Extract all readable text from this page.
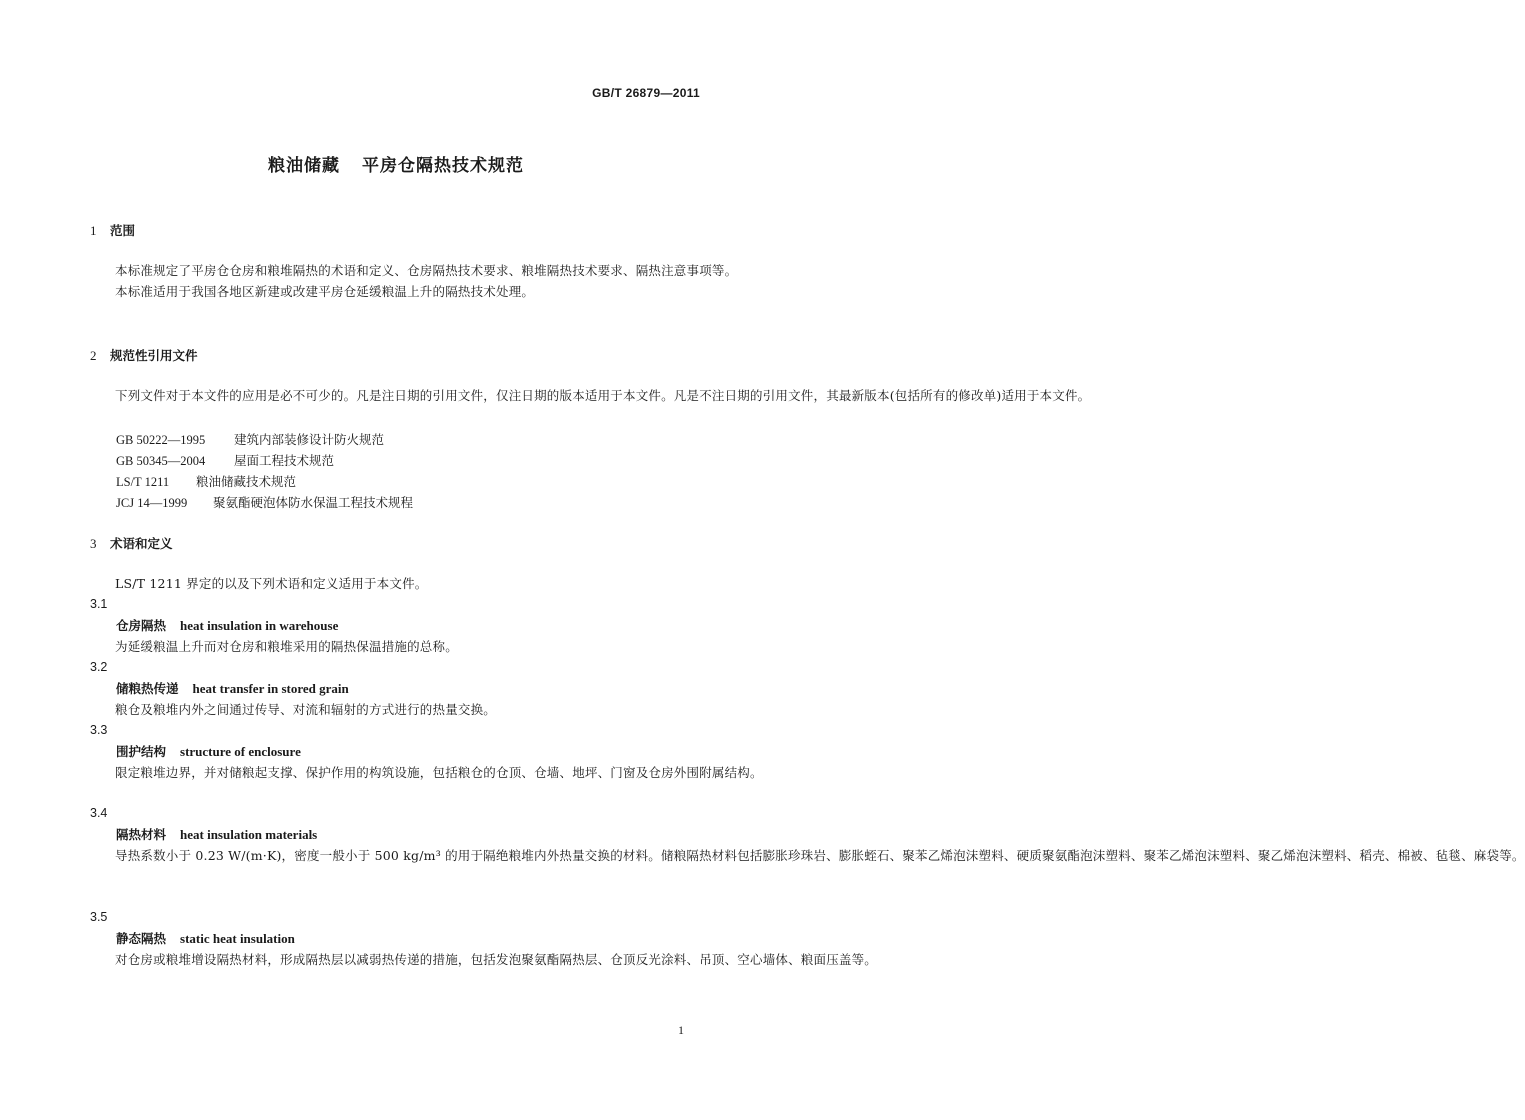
GB/T 26879—2011
粮油储藏 平房仓隔热技术规范
1 范围

本标准规定了平房仓仓房和粮堆隔热的术语和定义、仓房隔热技术要求、粮堆隔热技术要求、隔热注意事项等。

本标准适用于我国各地区新建或改建平房仓延缓粮温上升的隔热技术处理。

2 规范性引用文件

下列文件对于本文件的应用是必不可少的。凡是注日期的引用文件，仅注日期的版本适用于本文件。凡是不注日期的引用文件，其最新版本(包括所有的修改单)适用于本文件。

GB 50222—1995 建筑内部装修设计防火规范
GB 50345—2004 屋面工程技术规范
LS/T 1211 粮油储藏技术规范
JCJ 14—1999 聚氨酯硬泡体防水保温工程技术规程
3 术语和定义

LS/T 1211 界定的以及下列术语和定义适用于本文件。

3.1
仓房隔热 heat insulation in warehouse

为延缓粮温上升而对仓房和粮堆采用的隔热保温措施的总称。

3.2
储粮热传递 heat transfer in stored grain

粮仓及粮堆内外之间通过传导、对流和辐射的方式进行的热量交换。

3.3
围护结构 structure of enclosure

限定粮堆边界，并对储粮起支撑、保护作用的构筑设施，包括粮仓的仓顶、仓墙、地坪、门窗及仓房外围附属结构。

3.4
隔热材料 heat insulation materials

导热系数小于 0.23 W/(m·K)，密度一般小于 500 kg/m³ 的用于隔绝粮堆内外热量交换的材料。储粮隔热材料包括膨胀珍珠岩、膨胀蛭石、聚苯乙烯泡沫塑料、硬质聚氨酯泡沫塑料、聚苯乙烯泡沫塑料、聚乙烯泡沫塑料、稻壳、棉被、毡毯、麻袋等。

3.5
静态隔热 static heat insulation

对仓房或粮堆增设隔热材料，形成隔热层以减弱热传递的措施，包括发泡聚氨酯隔热层、仓顶反光涂料、吊顶、空心墙体、粮面压盖等。

1
